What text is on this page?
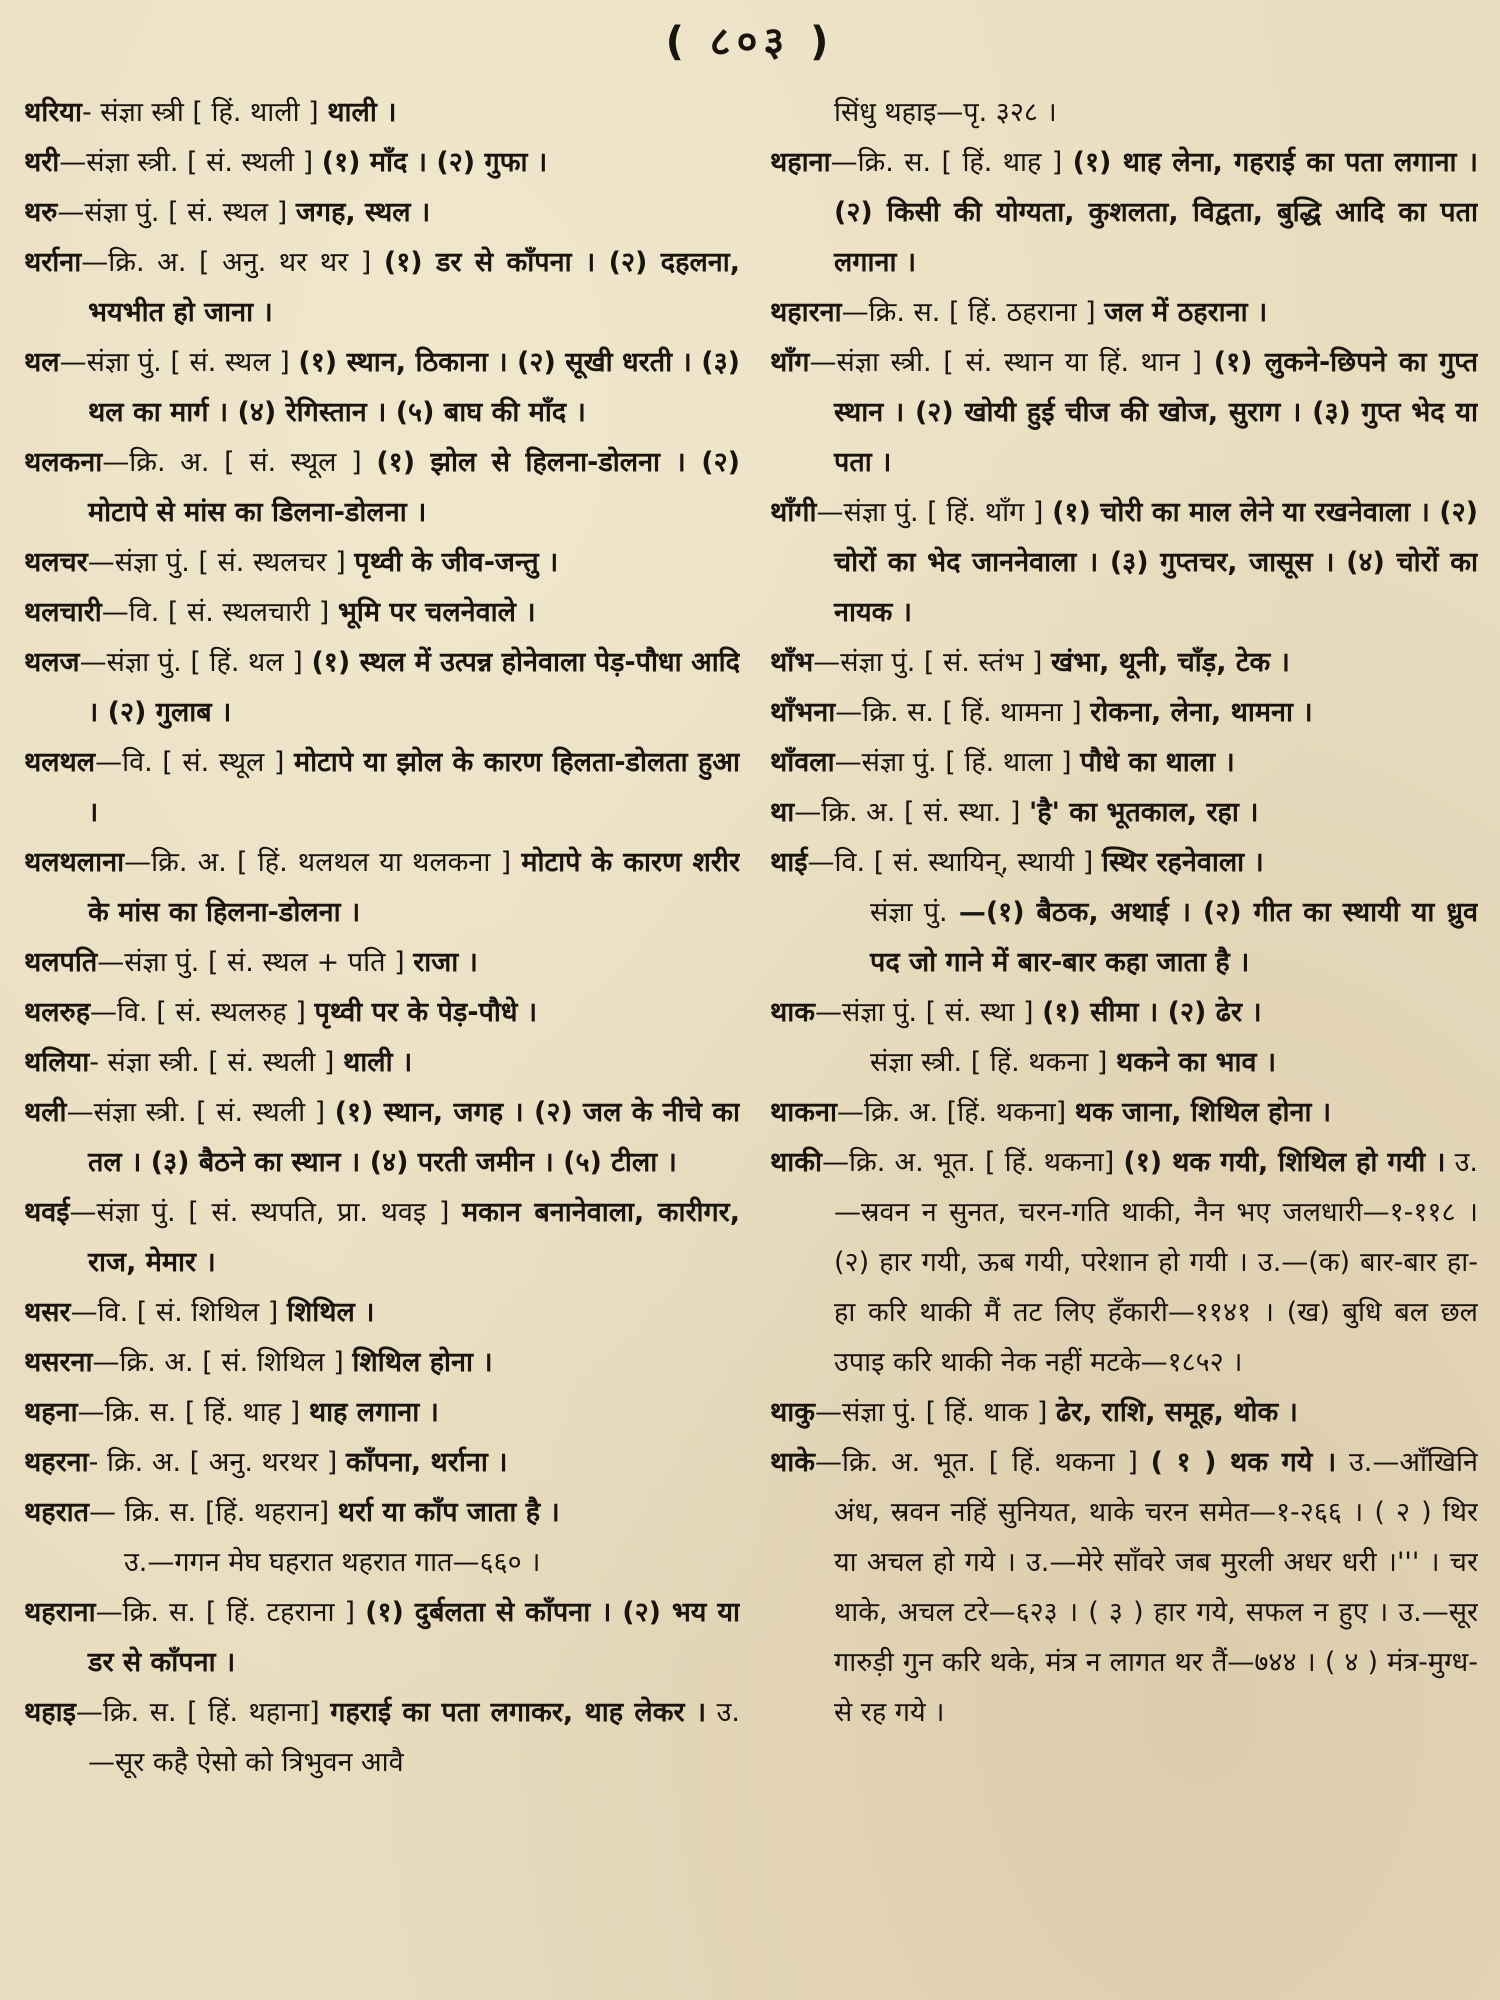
( ८०३ )

थरिया- संज्ञा स्त्री [ हिं. थाली ] थाली ।

थरी—संज्ञा स्त्री. [ सं. स्थली ] (१) माँद । (२) गुफा ।

थरु—संज्ञा पुं. [ सं. स्थल ] जगह, स्थल ।

थर्राना—क्रि. अ. [ अनु. थर थर ] (१) डर से काँपना । (२) दहलना, भयभीत हो जाना ।

थल—संज्ञा पुं. [ सं. स्थल ] (१) स्थान, ठिकाना । (२) सूखी धरती । (३) थल का मार्ग । (४) रेगिस्तान । (५) बाघ की माँद ।

थलकना—क्रि. अ. [ सं. स्थूल ] (१) झोल से हिलना-डोलना । (२) मोटापे से मांस का डिलना-डोलना ।

थलचर—संज्ञा पुं. [ सं. स्थलचर ] पृथ्वी के जीव-जन्तु ।

थलचारी—वि. [ सं. स्थलचारी ] भूमि पर चलनेवाले ।

थलज—संज्ञा पुं. [ हिं. थल ] (१) स्थल में उत्पन्न होनेवाला पेड़-पौधा आदि । (२) गुलाब ।

थलथल—वि. [ सं. स्थूल ] मोटापे या झोल के कारण हिलता-डोलता हुआ ।

थलथलाना—क्रि. अ. [ हिं. थलथल या थलकना ] मोटापे के कारण शरीर के मांस का हिलना-डोलना ।

थलपति—संज्ञा पुं. [ सं. स्थल + पति ] राजा ।

थलरुह—वि. [ सं. स्थलरुह ] पृथ्वी पर के पेड़-पौधे ।

थलिया- संज्ञा स्त्री. [ सं. स्थली ] थाली ।

थली—संज्ञा स्त्री. [ सं. स्थली ] (१) स्थान, जगह । (२) जल के नीचे का तल । (३) बैठने का स्थान । (४) परती जमीन । (५) टीला ।

थवई—संज्ञा पुं. [ सं. स्थपति, प्रा. थवइ ] मकान बनानेवाला, कारीगर, राज, मेमार ।

थसर—वि. [ सं. शिथिल ] शिथिल ।

थसरना—क्रि. अ. [ सं. शिथिल ] शिथिल होना ।

थहना—क्रि. स. [ हिं. थाह ] थाह लगाना ।

थहरना- क्रि. अ. [ अनु. थरथर ] काँपना, थर्राना ।

थहरात— क्रि. स. [हिं. थहरान] थर्रा या काँप जाता है ।

उ.—गगन मेघ घहरात थहरात गात—६६० ।

थहराना—क्रि. स. [ हिं. टहराना ] (१) दुर्बलता से काँपना । (२) भय या डर से काँपना ।

थहाइ—क्रि. स. [ हिं. थहाना] गहराई का पता लगाकर, थाह लेकर । उ.—सूर कहै ऐसो को त्रिभुवन आवै

सिंधु थहाइ—पृ. ३२८ ।

थहाना—क्रि. स. [ हिं. थाह ] (१) थाह लेना, गहराई का पता लगाना । (२) किसी की योग्यता, कुशलता, विद्वता, बुद्धि आदि का पता लगाना ।

थहारना—क्रि. स. [ हिं. ठहराना ] जल में ठहराना ।

थाँग—संज्ञा स्त्री. [ सं. स्थान या हिं. थान ] (१) लुकने-छिपने का गुप्त स्थान । (२) खोयी हुई चीज की खोज, सुराग । (३) गुप्त भेद या पता ।

थाँगी—संज्ञा पुं. [ हिं. थाँग ] (१) चोरी का माल लेने या रखनेवाला । (२) चोरों का भेद जाननेवाला । (३) गुप्तचर, जासूस । (४) चोरों का नायक ।

थाँभ—संज्ञा पुं. [ सं. स्तंभ ] खंभा, थूनी, चाँड़, टेक ।

थाँभना—क्रि. स. [ हिं. थामना ] रोकना, लेना, थामना ।

थाँवला—संज्ञा पुं. [ हिं. थाला ] पौधे का थाला ।

था—क्रि. अ. [ सं. स्था. ] 'है' का भूतकाल, रहा ।

थाई—वि. [ सं. स्थायिन्, स्थायी ] स्थिर रहनेवाला ।

संज्ञा पुं. —(१) बैठक, अथाई । (२) गीत का स्थायी या ध्रुव पद जो गाने में बार-बार कहा जाता है ।

थाक—संज्ञा पुं. [ सं. स्था ] (१) सीमा । (२) ढेर ।

संज्ञा स्त्री. [ हिं. थकना ] थकने का भाव ।

थाकना—क्रि. अ. [हिं. थकना] थक जाना, शिथिल होना ।

थाकी—क्रि. अ. भूत. [ हिं. थकना] (१) थक गयी, शिथिल हो गयी । उ.—स्रवन न सुनत, चरन-गति थाकी, नैन भए जलधारी—१-११८ । (२) हार गयी, ऊब गयी, परेशान हो गयी । उ.—(क) बार-बार हा-हा करि थाकी मैं तट लिए हँकारी—११४१ । (ख) बुधि बल छल उपाइ करि थाकी नेक नहीं मटके—१८५२ ।

थाकु—संज्ञा पुं. [ हिं. थाक ] ढेर, राशि, समूह, थोक ।

थाके—क्रि. अ. भूत. [ हिं. थकना ] ( १ ) थक गये । उ.—आँखिनि अंध, स्रवन नहिं सुनियत, थाके चरन समेत—१-२६६ । ( २ ) थिर या अचल हो गये । उ.—मेरे साँवरे जब मुरली अधर धरी ।''' । चर थाके, अचल टरे—६२३ । ( ३ ) हार गये, सफल न हुए । उ.—सूर गारुड़ी गुन करि थके, मंत्र न लागत थर तैं—७४४ । ( ४ ) मंत्र-मुग्ध-से रह गये ।
